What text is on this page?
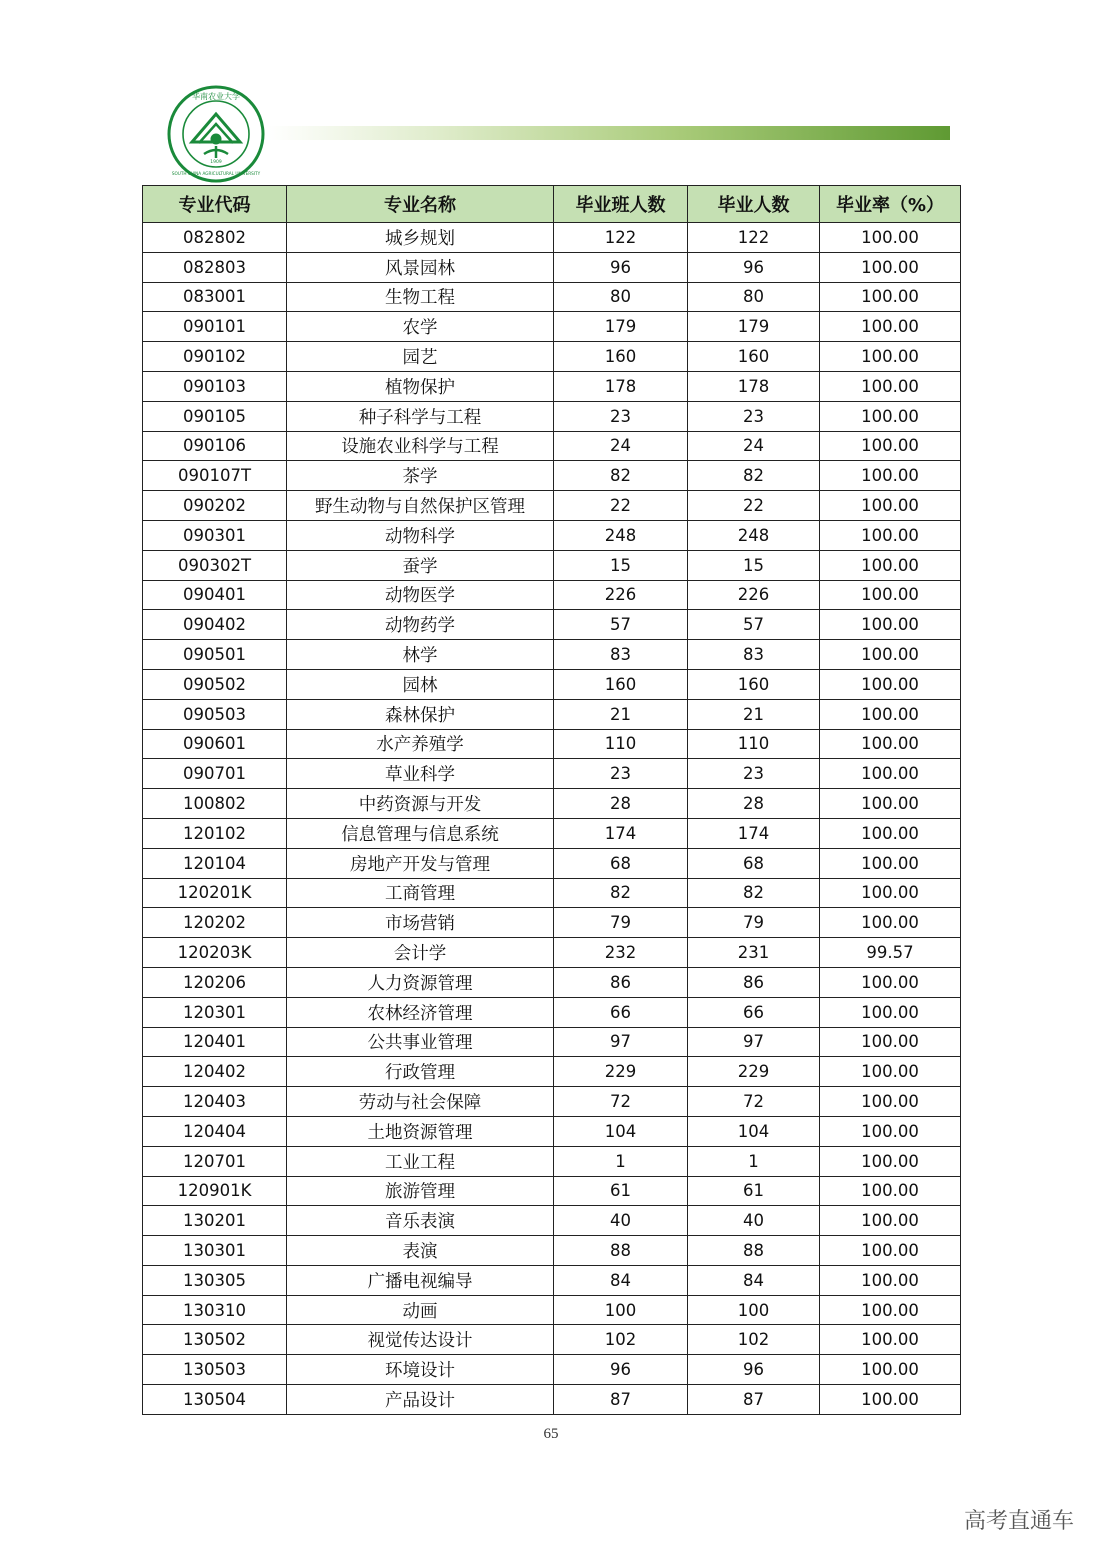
华南农业大学
SOUTH CHINA AGRICULTURAL UNIVERSITY
1909
专业代码	专业名称	毕业班人数	毕业人数	毕业率（%）
082802	城乡规划	122	122	100.00
082803	风景园林	96	96	100.00
083001	生物工程	80	80	100.00
090101	农学	179	179	100.00
090102	园艺	160	160	100.00
090103	植物保护	178	178	100.00
090105	种子科学与工程	23	23	100.00
090106	设施农业科学与工程	24	24	100.00
090107T	茶学	82	82	100.00
090202	野生动物与自然保护区管理	22	22	100.00
090301	动物科学	248	248	100.00
090302T	蚕学	15	15	100.00
090401	动物医学	226	226	100.00
090402	动物药学	57	57	100.00
090501	林学	83	83	100.00
090502	园林	160	160	100.00
090503	森林保护	21	21	100.00
090601	水产养殖学	110	110	100.00
090701	草业科学	23	23	100.00
100802	中药资源与开发	28	28	100.00
120102	信息管理与信息系统	174	174	100.00
120104	房地产开发与管理	68	68	100.00
120201K	工商管理	82	82	100.00
120202	市场营销	79	79	100.00
120203K	会计学	232	231	99.57
120206	人力资源管理	86	86	100.00
120301	农林经济管理	66	66	100.00
120401	公共事业管理	97	97	100.00
120402	行政管理	229	229	100.00
120403	劳动与社会保障	72	72	100.00
120404	土地资源管理	104	104	100.00
120701	工业工程	1	1	100.00
120901K	旅游管理	61	61	100.00
130201	音乐表演	40	40	100.00
130301	表演	88	88	100.00
130305	广播电视编导	84	84	100.00
130310	动画	100	100	100.00
130502	视觉传达设计	102	102	100.00
130503	环境设计	96	96	100.00
130504	产品设计	87	87	100.00
65
高考直通车
